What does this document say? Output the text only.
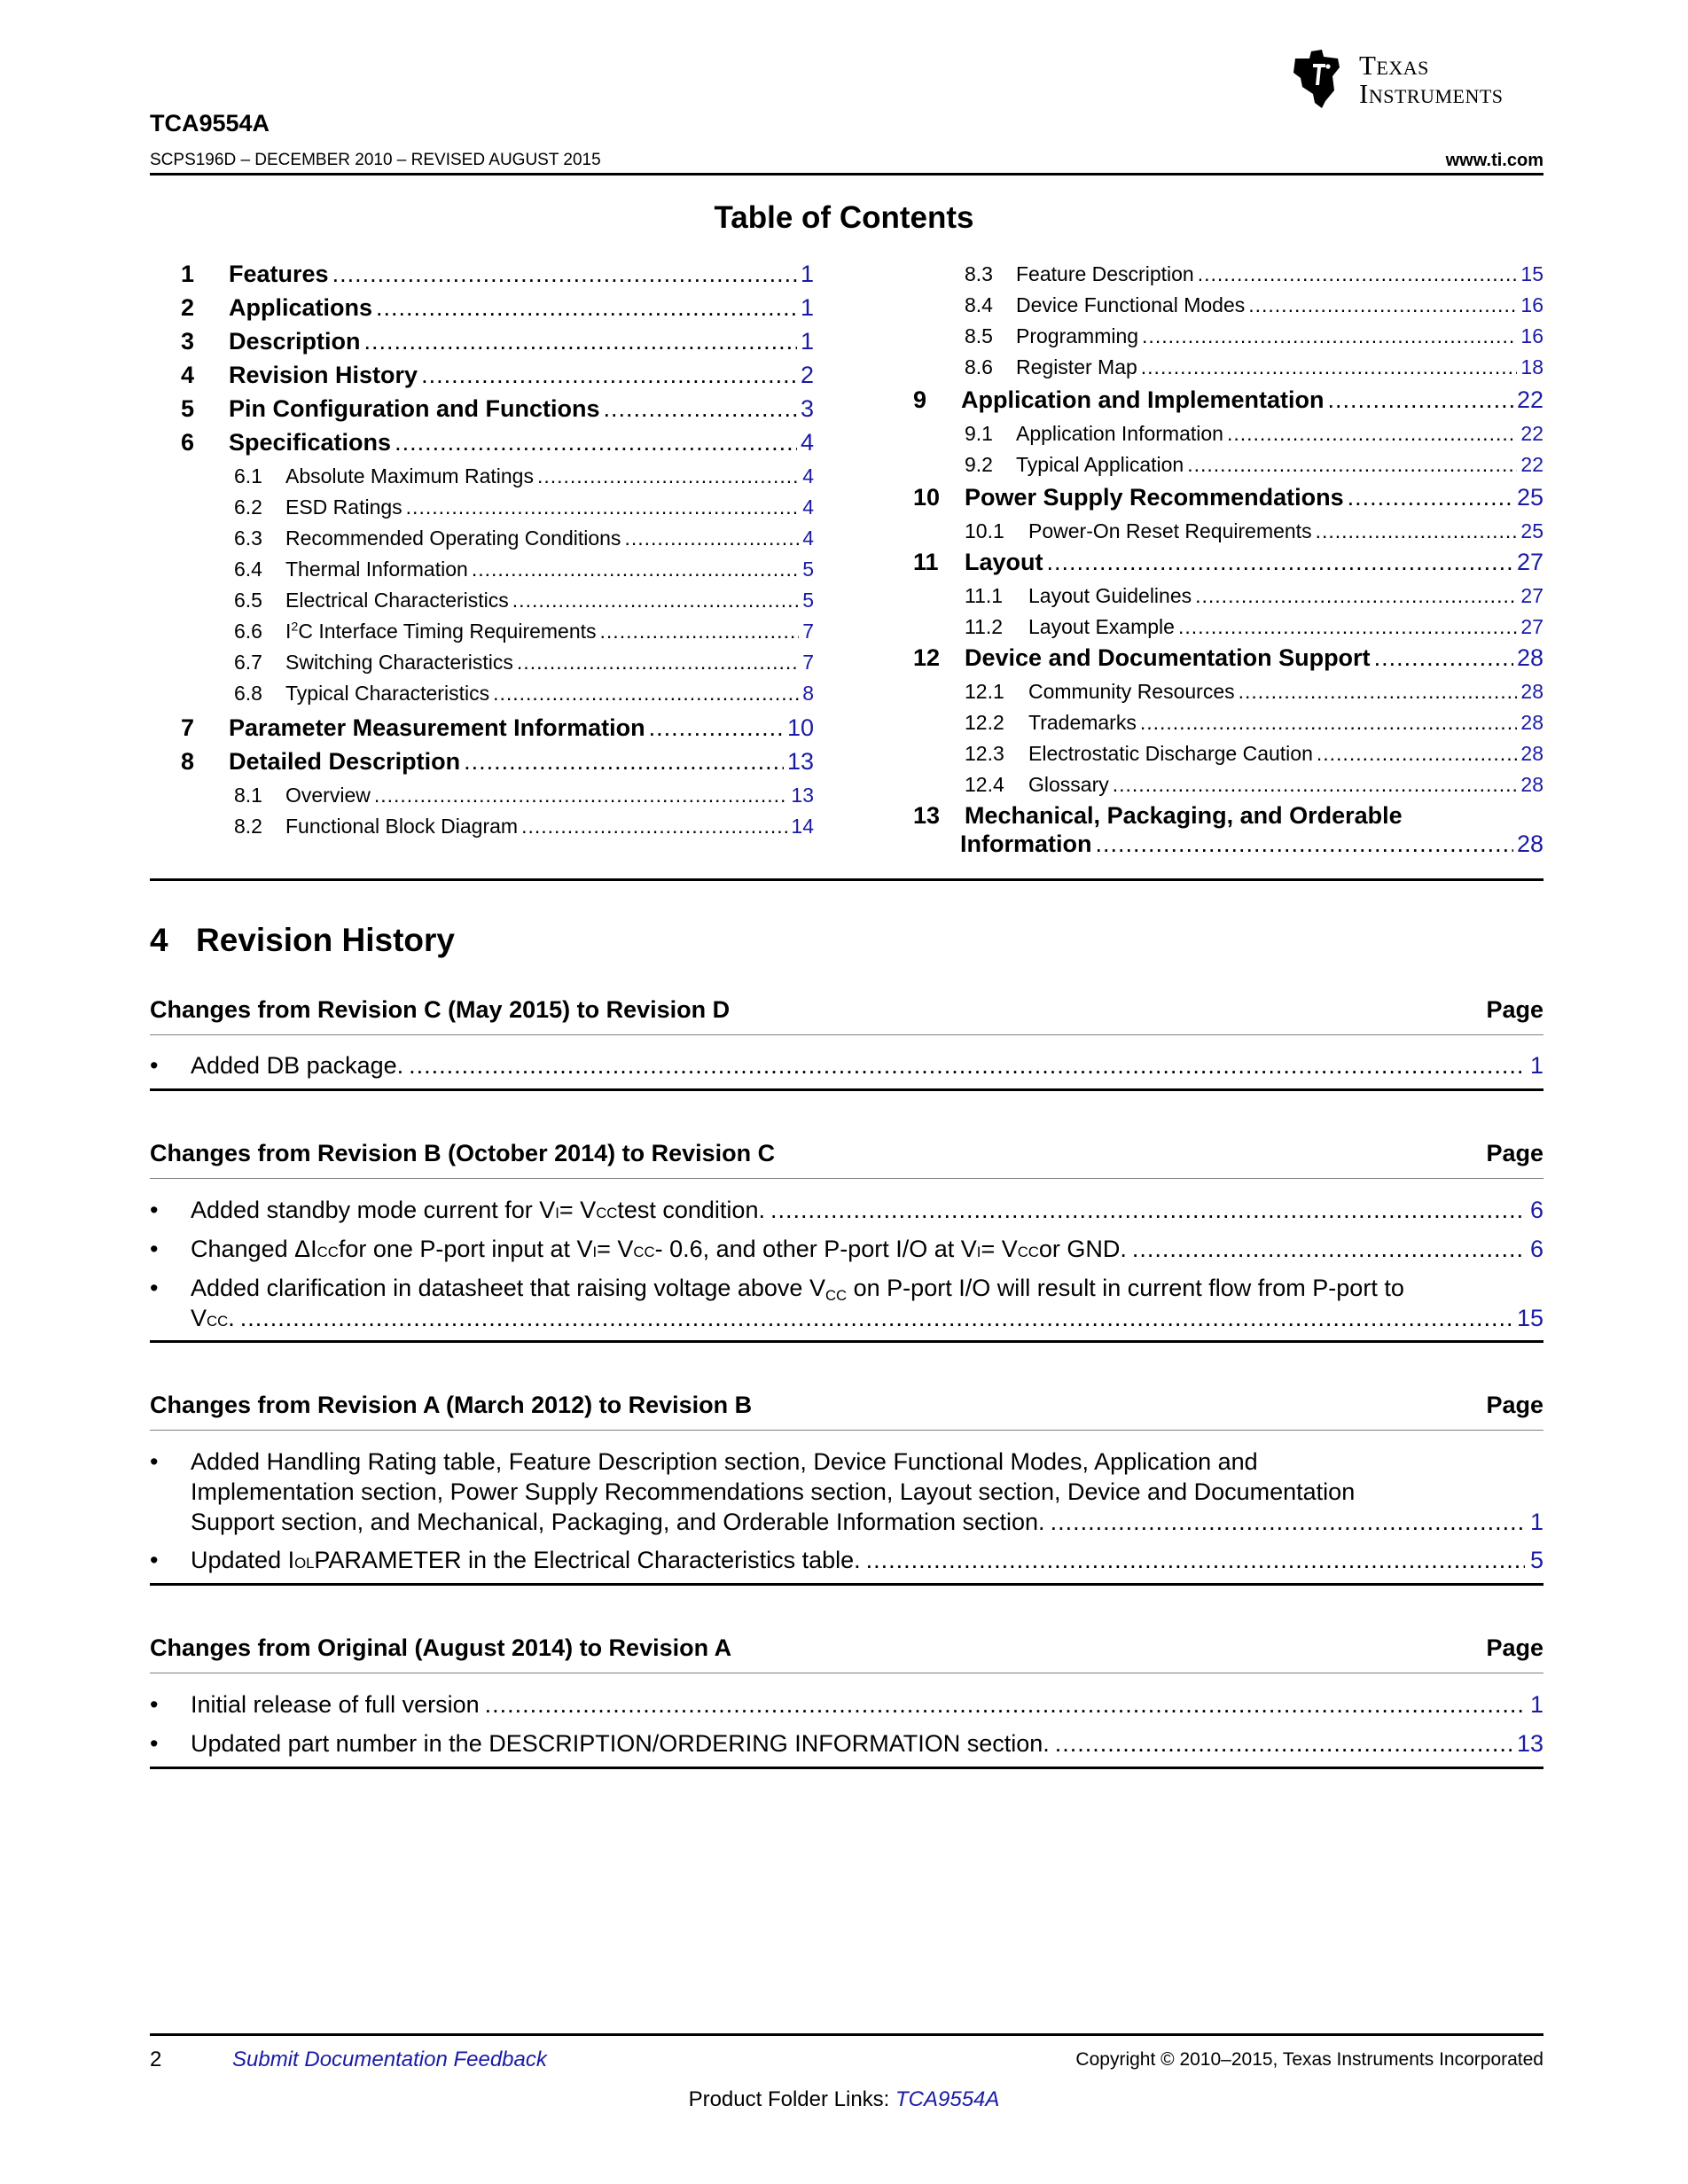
Texas
Instruments
TCA9554A
SCPS196D – DECEMBER 2010 – REVISED AUGUST 2015	www.ti.com
Table of Contents
1	Features .....	1
2	Applications .....	1
3	Description .....	1
4	Revision History .....	2
5	Pin Configuration and Functions .....	3
6	Specifications .....	4
6.1	Absolute Maximum Ratings .....	4
6.2	ESD Ratings .....	4
6.3	Recommended Operating Conditions .....	4
6.4	Thermal Information .....	5
6.5	Electrical Characteristics .....	5
6.6	$I^2C$ Interface Timing Requirements .....	7
6.7	Switching Characteristics .....	7
6.8	Typical Characteristics .....	8
7	Parameter Measurement Information .....	10
8	Detailed Description .....	13
8.1	Overview .....	13
8.2	Functional Block Diagram .....	14
8.3	Feature Description .....	15
8.4	Device Functional Modes .....	16
8.5	Programming .....	16
8.6	Register Map .....	18
9	Application and Implementation .....	22
9.1	Application Information .....	22
9.2	Typical Application .....	22
10	Power Supply Recommendations .....	25
10.1	Power-On Reset Requirements .....	25
11	Layout .....	27
11.1	Layout Guidelines .....	27
11.2	Layout Example .....	27
12	Device and Documentation Support .....	28
12.1	Community Resources .....	28
12.2	Trademarks .....	28
12.3	Electrostatic Discharge Caution .....	28
12.4	Glossary .....	28
13	Mechanical, Packaging, and Orderable
Information .....	28
4 Revision History
Changes from Revision C (May 2015) to Revision D	Page
• Added DB package. .....	1
Changes from Revision B (October 2014) to Revision C	Page
• Added standby mode current for V I = V CC test condition. .....	6
• Changed ΔI CC for one P-port input at V I = V CC - 0.6, and other P-port I/O at V I = V CC or GND. .....	6
• Added clarification in datasheet that raising voltage above $V_{CC}$ on P-port I/O will result in current flow from P-port to
V CC . .....	15
Changes from Revision A (March 2012) to Revision B	Page
• Added Handling Rating table, Feature Description section, Device Functional Modes, Application and
Implementation section, Power Supply Recommendations section, Layout section, Device and Documentation
Support section, and Mechanical, Packaging, and Orderable Information section. .....	1
• Updated I OL PARAMETER in the Electrical Characteristics table. .....	5
Changes from Original (August 2014) to Revision A	Page
• Initial release of full version .....	1
• Updated part number in the DESCRIPTION/ORDERING INFORMATION section. .....	13
2	Submit Documentation Feedback	Copyright © 2010–2015, Texas Instruments Incorporated
Product Folder Links: TCA9554A
